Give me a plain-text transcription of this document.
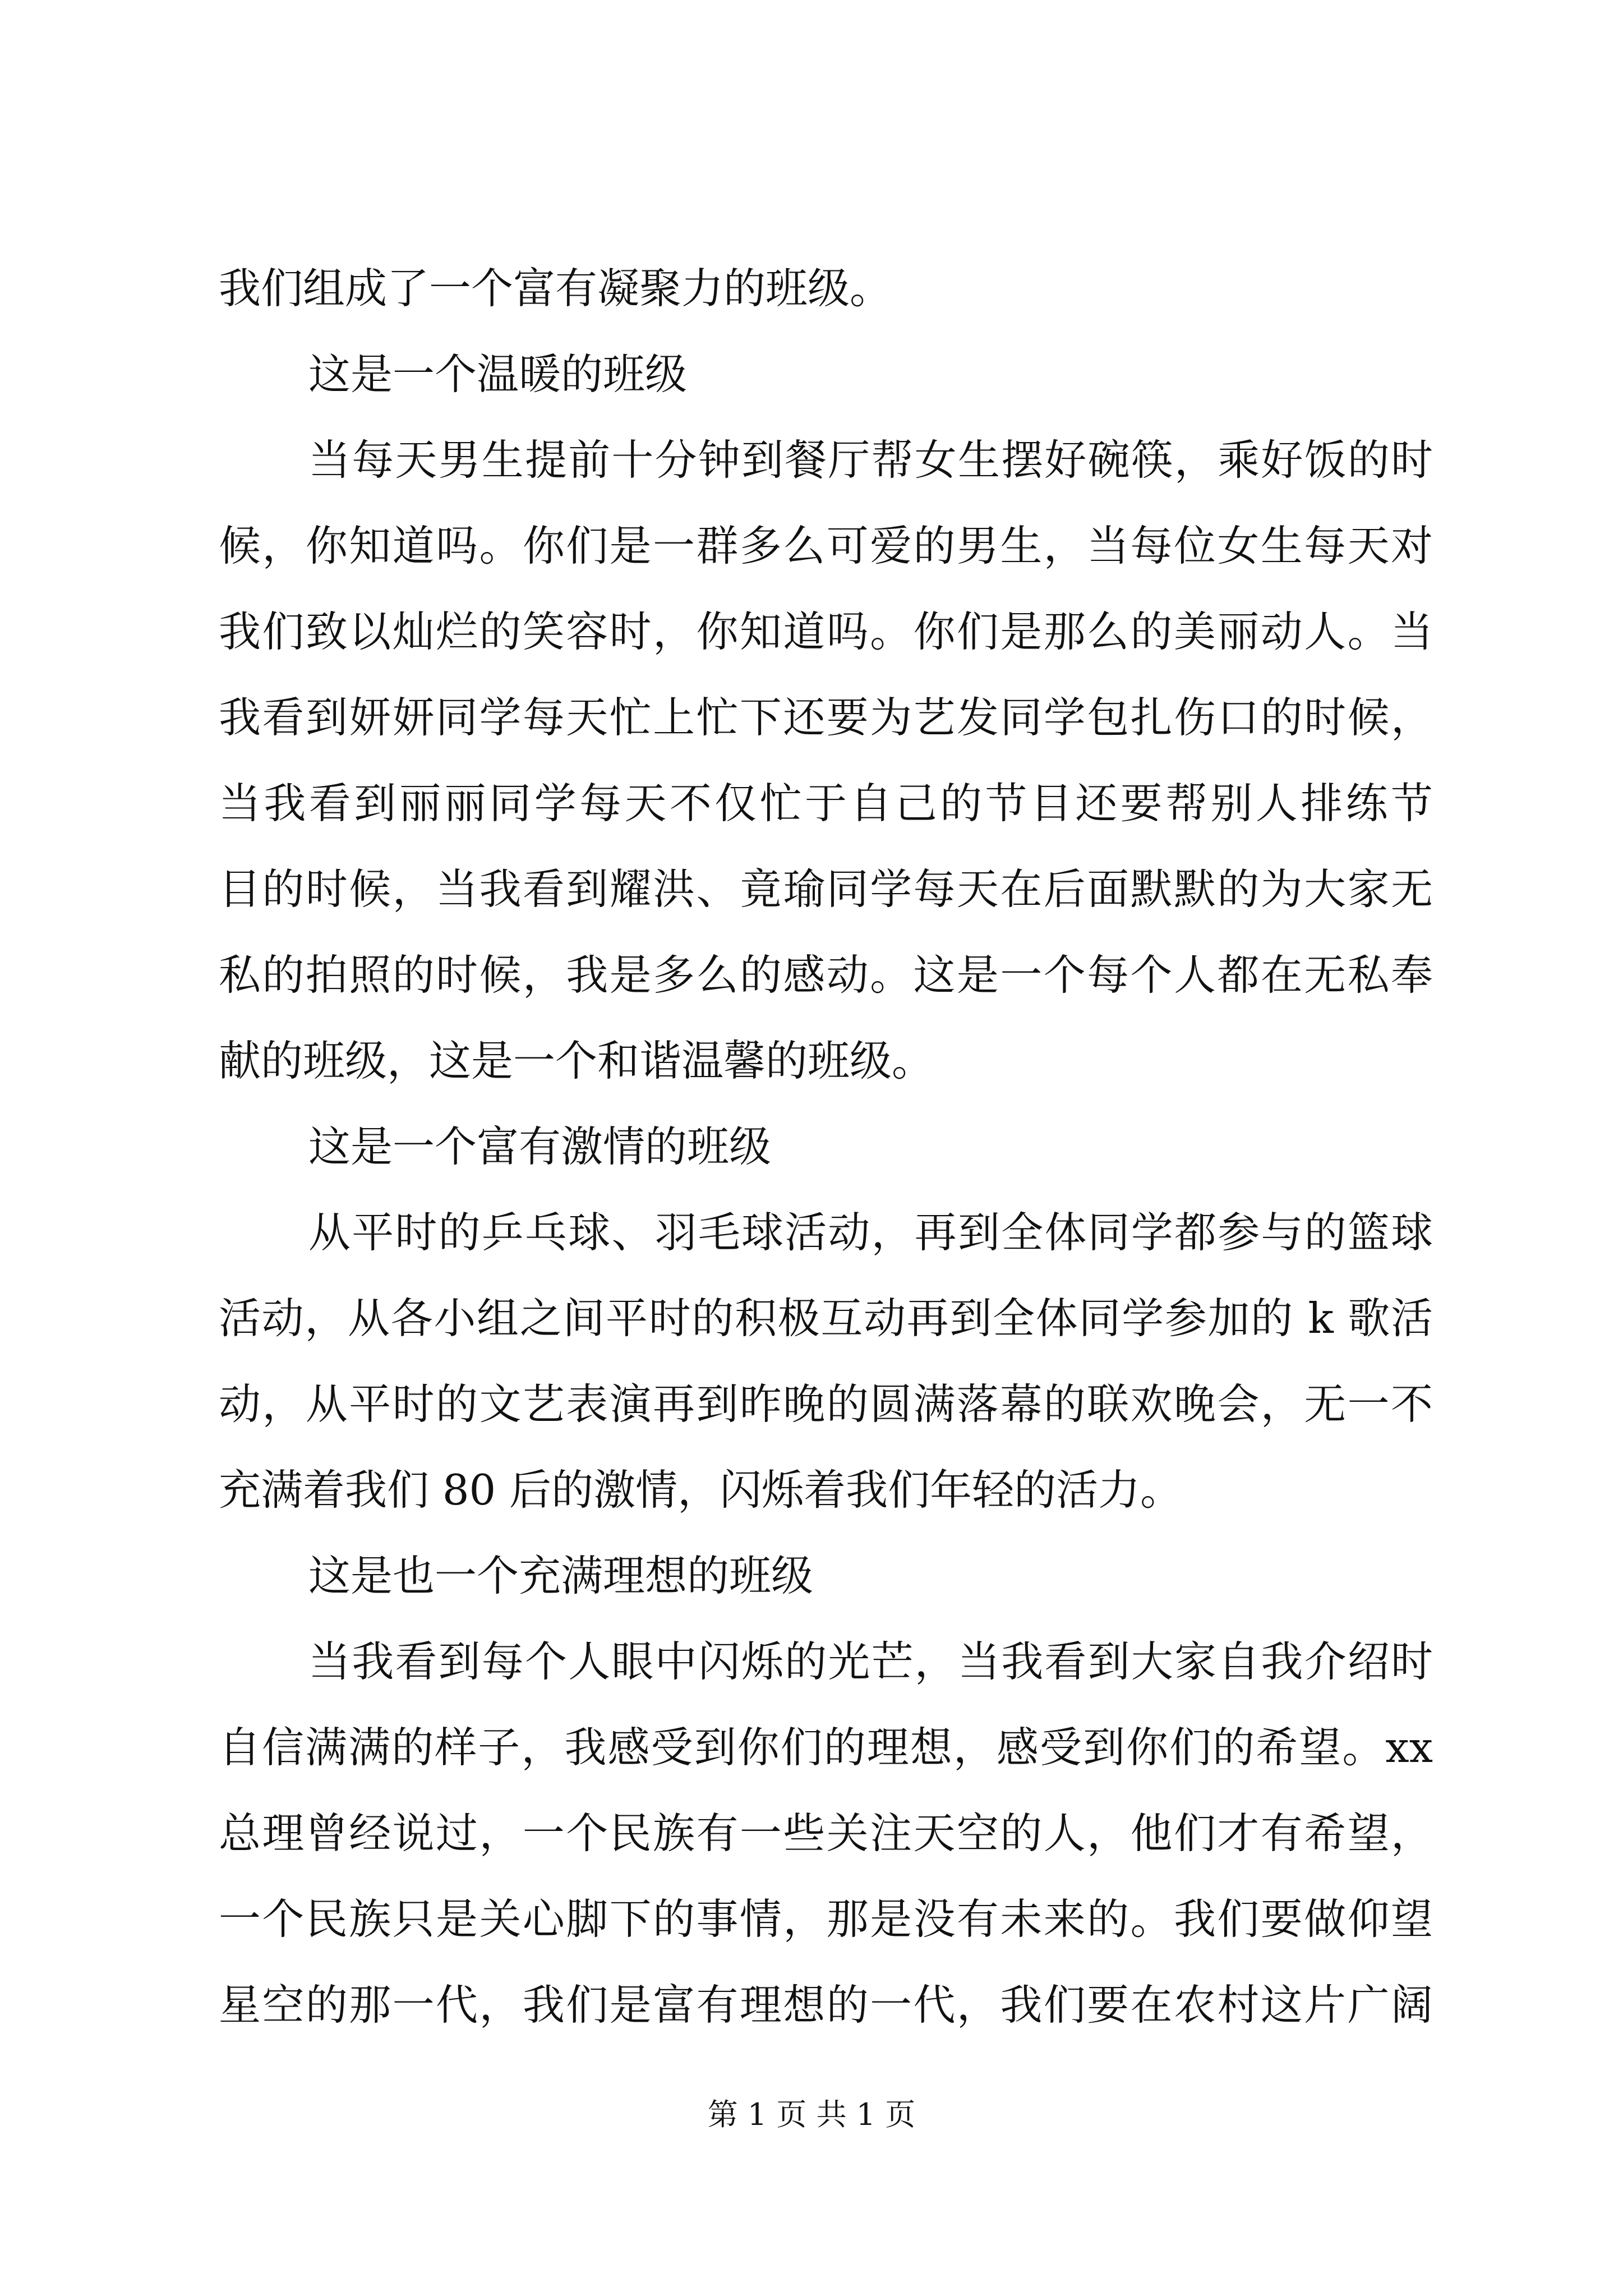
我们组成了一个富有凝聚力的班级。
这是一个温暖的班级
当每天男生提前十分钟到餐厅帮女生摆好碗筷，乘好饭的时
候，你知道吗。你们是一群多么可爱的男生，当每位女生每天对
我们致以灿烂的笑容时，你知道吗。你们是那么的美丽动人。当
我看到妍妍同学每天忙上忙下还要为艺发同学包扎伤口的时候，
当我看到丽丽同学每天不仅忙于自己的节目还要帮别人排练节
目的时候，当我看到耀洪、竟瑜同学每天在后面默默的为大家无
私的拍照的时候，我是多么的感动。这是一个每个人都在无私奉
献的班级，这是一个和谐温馨的班级。
这是一个富有激情的班级
从平时的乒乓球、羽毛球活动，再到全体同学都参与的篮球
活动，从各小组之间平时的积极互动再到全体同学参加的 k 歌活
动，从平时的文艺表演再到昨晚的圆满落幕的联欢晚会，无一不
充满着我们 80 后的激情，闪烁着我们年轻的活力。
这是也一个充满理想的班级
当我看到每个人眼中闪烁的光芒，当我看到大家自我介绍时
自信满满的样子，我感受到你们的理想，感受到你们的希望。xx
总理曾经说过，一个民族有一些关注天空的人，他们才有希望，
一个民族只是关心脚下的事情，那是没有未来的。我们要做仰望
星空的那一代，我们是富有理想的一代，我们要在农村这片广阔
第 1 页 共 1 页
